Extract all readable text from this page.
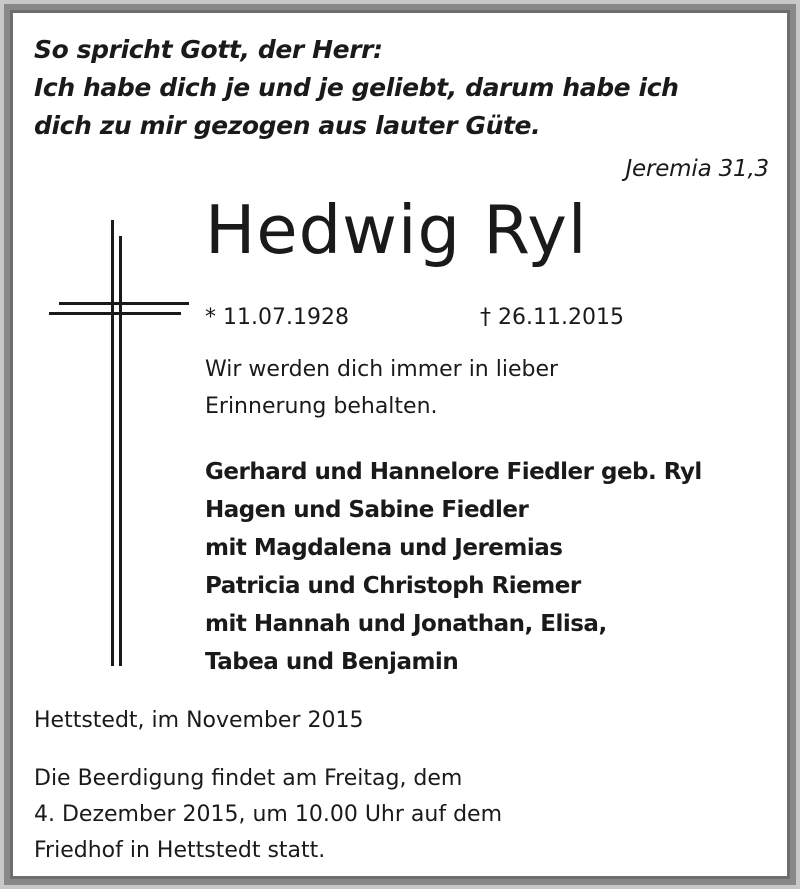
So spricht Gott, der Herr:
Ich habe dich je und je geliebt, darum habe ich
dich zu mir gezogen aus lauter Güte.
Jeremia 31,3
Hedwig Ryl
* 11.07.1928	† 26.11.2015
Wir werden dich immer in lieber
Erinnerung behalten.
Gerhard und Hannelore Fiedler geb. Ryl
Hagen und Sabine Fiedler
mit Magdalena und Jeremias
Patricia und Christoph Riemer
mit Hannah und Jonathan, Elisa,
Tabea und Benjamin
Hettstedt, im November 2015
Die Beerdigung findet am Freitag, dem
4. Dezember 2015, um 10.00 Uhr auf dem
Friedhof in Hettstedt statt.
